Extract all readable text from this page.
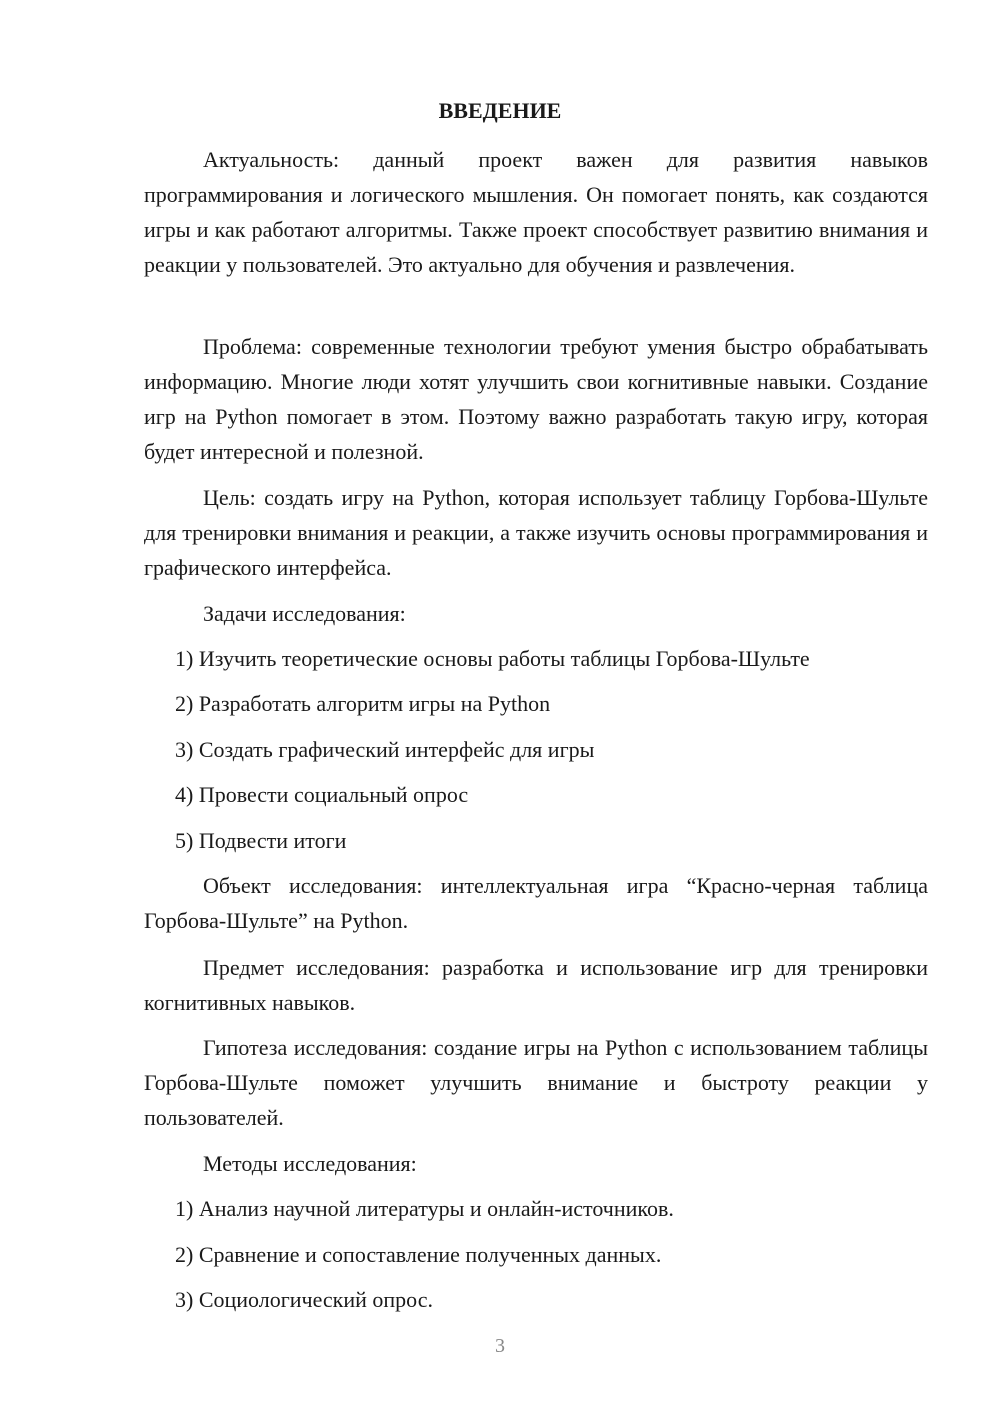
ВВЕДЕНИЕ

Актуальность: данный проект важен для развития навыков программирования и логического мышления. Он помогает понять, как создаются игры и как работают алгоритмы. Также проект способствует развитию внимания и реакции у пользователей. Это актуально для обучения и развлечения.

Проблема: современные технологии требуют умения быстро обрабатывать информацию. Многие люди хотят улучшить свои когнитивные навыки. Создание игр на Python помогает в этом. Поэтому важно разработать такую игру, которая будет интересной и полезной.

Цель: создать игру на Python, которая использует таблицу Горбова-Шульте для тренировки внимания и реакции, а также изучить основы программирования и графического интерфейса.

Задачи исследования:

1) Изучить теоретические основы работы таблицы Горбова-Шульте

2) Разработать алгоритм игры на Python

3) Создать графический интерфейс для игры

4) Провести социальный опрос

5) Подвести итоги

Объект исследования: интеллектуальная игра “Красно-черная таблица Горбова-Шульте” на Python.

Предмет исследования: разработка и использование игр для тренировки когнитивных навыков.

Гипотеза исследования: создание игры на Python с использованием таблицы Горбова-Шульте поможет улучшить внимание и быстроту реакции у пользователей.

Методы исследования:

1) Анализ научной литературы и онлайн-источников.

2) Сравнение и сопоставление полученных данных.

3) Социологический опрос.

3
